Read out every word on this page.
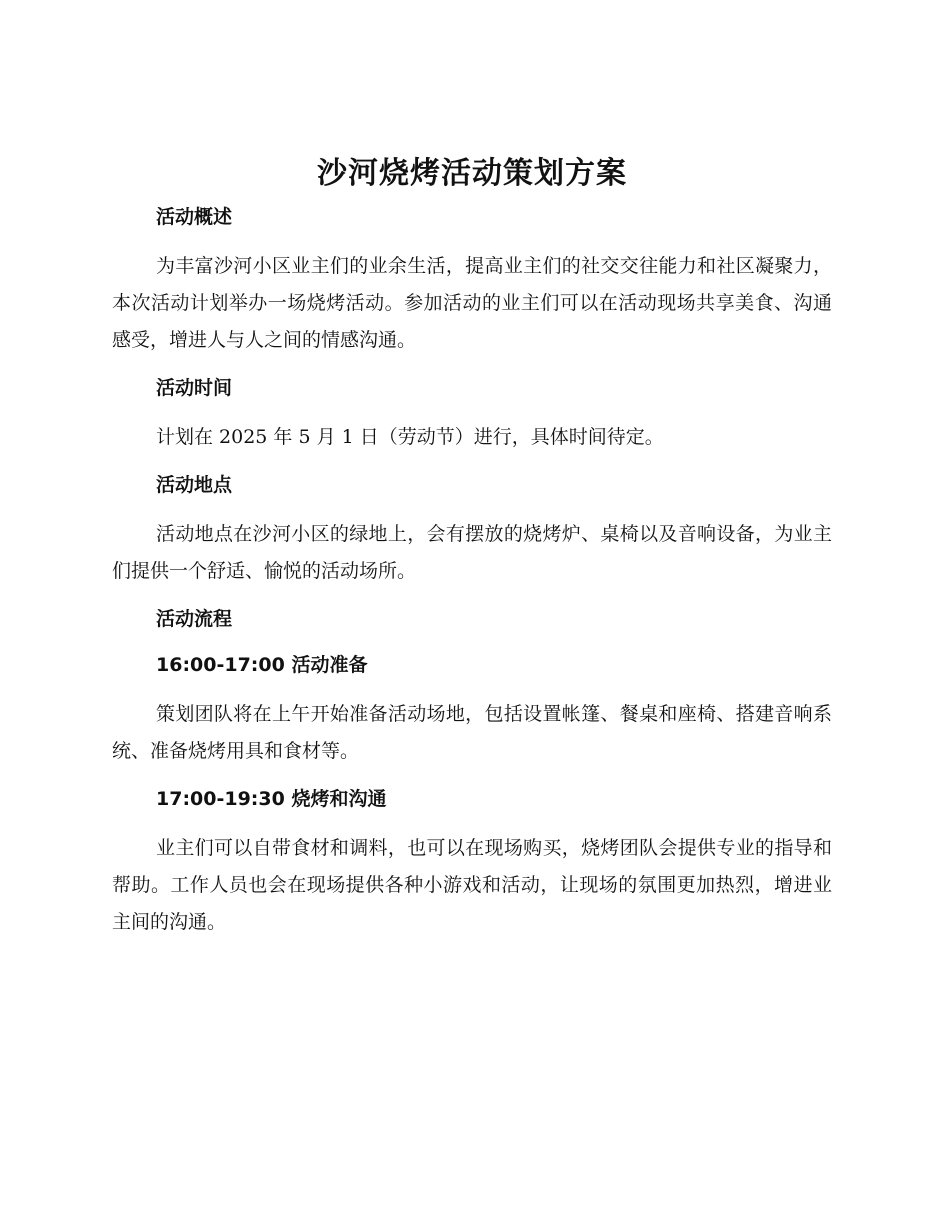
沙河烧烤活动策划方案
活动概述

为丰富沙河小区业主们的业余生活，提高业主们的社交交往能力和社区凝聚力，本次活动计划举办一场烧烤活动。参加活动的业主们可以在活动现场共享美食、沟通感受，增进人与人之间的情感沟通。

活动时间

计划在 2025 年 5 月 1 日（劳动节）进行，具体时间待定。

活动地点

活动地点在沙河小区的绿地上，会有摆放的烧烤炉、桌椅以及音响设备，为业主们提供一个舒适、愉悦的活动场所。

活动流程
16:00-17:00 活动准备

策划团队将在上午开始准备活动场地，包括设置帐篷、餐桌和座椅、搭建音响系统、准备烧烤用具和食材等。

17:00-19:30 烧烤和沟通

业主们可以自带食材和调料，也可以在现场购买，烧烤团队会提供专业的指导和帮助。工作人员也会在现场提供各种小游戏和活动，让现场的氛围更加热烈，增进业主间的沟通。
